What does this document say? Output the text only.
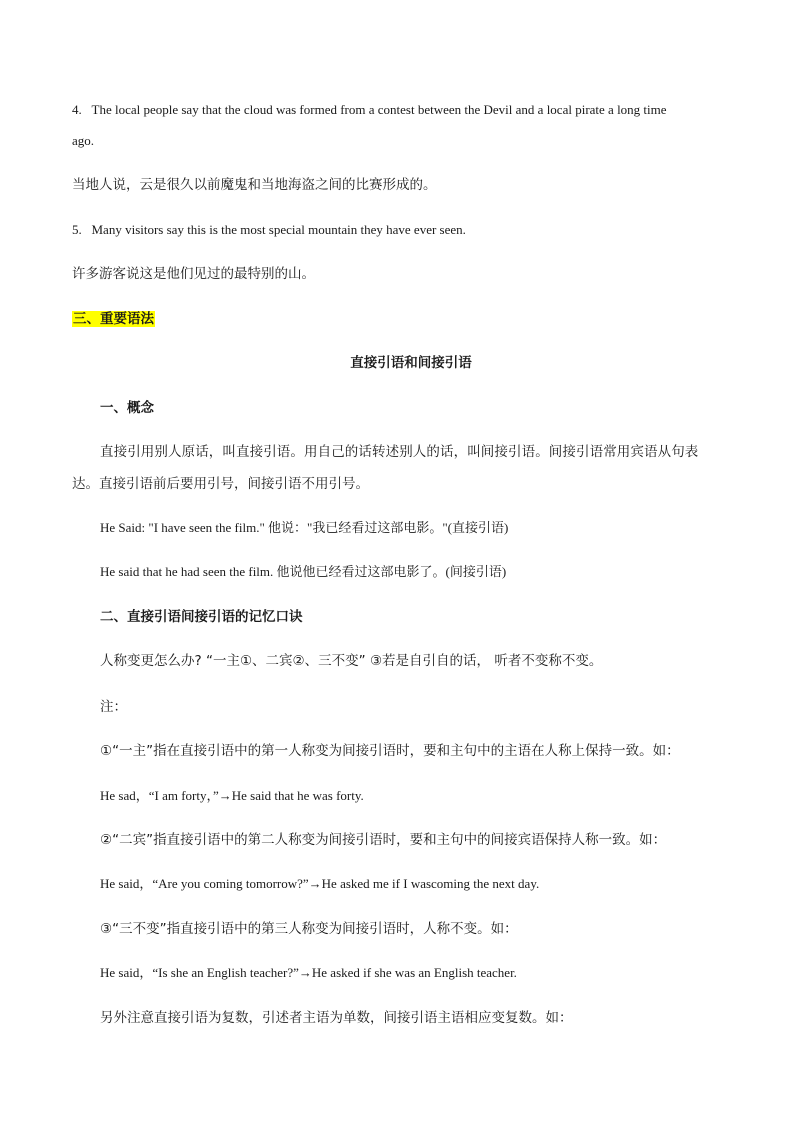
4. The local people say that the cloud was formed from a contest between the Devil and a local pirate a long time
ago.
当地人说，云是很久以前魔鬼和当地海盗之间的比赛形成的。
5. Many visitors say this is the most special mountain they have ever seen.
许多游客说这是他们见过的最特别的山。
三、重要语法
直接引语和间接引语
一、概念
直接引用别人原话，叫直接引语。用自己的话转述别人的话，叫间接引语。间接引语常用宾语从句表
达。直接引语前后要用引号，间接引语不用引号。
He Said: "I have seen the film." 他说："我已经看过这部电影。"(直接引语)
He said that he had seen the film. 他说他已经看过这部电影了。(间接引语)
二、直接引语间接引语的记忆口诀
人称变更怎么办? “一主①、二宾②、三不变” ③若是自引自的话， 听者不变称不变。
注：
①“一主”指在直接引语中的第一人称变为间接引语时，要和主句中的主语在人称上保持一致。如：
He sad，“I am forty，”→He said that he was forty.
②“二宾”指直接引语中的第二人称变为间接引语时，要和主句中的间接宾语保持人称一致。如：
He said，“Are you coming tomorrow?”→He asked me if I wascoming the next day.
③“三不变”指直接引语中的第三人称变为间接引语时，人称不变。如：
He said，“Is she an English teacher?”→He asked if she was an English teacher.
另外注意直接引语为复数，引述者主语为单数，间接引语主语相应变复数。如：
